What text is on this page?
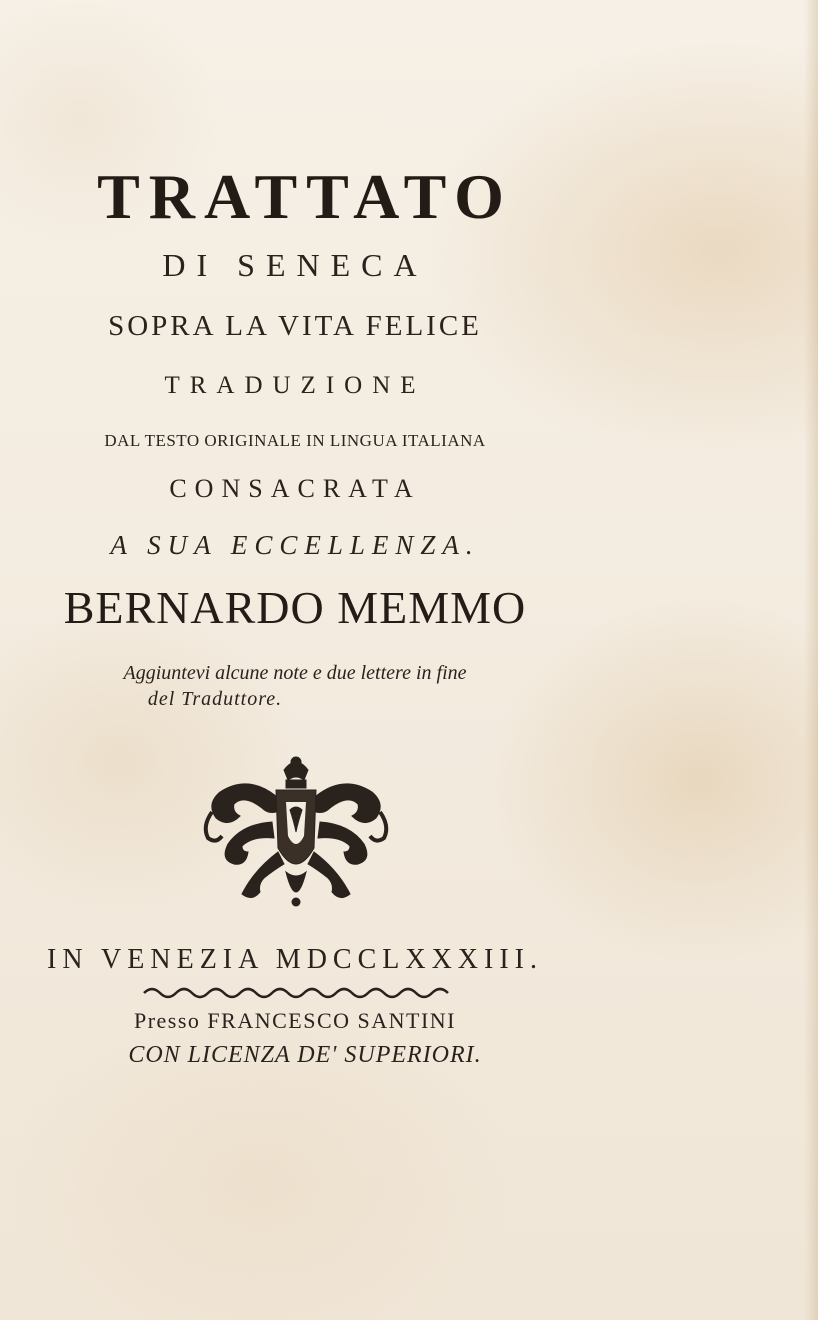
TRATTATO
DI SENECA
SOPRA LA VITA FELICE
TRADUZIONE
DAL TESTO ORIGINALE IN LINGUA ITALIANA
CONSACRATA
A SUA ECCELLENZA.
BERNARDO MEMMO
Aggiuntevi alcune note e due lettere in fine
del Traduttore.
IN VENEZIA MDCCLXXXIII.
Presso FRANCESCO SANTINI
CON LICENZA DE' SUPERIORI.
